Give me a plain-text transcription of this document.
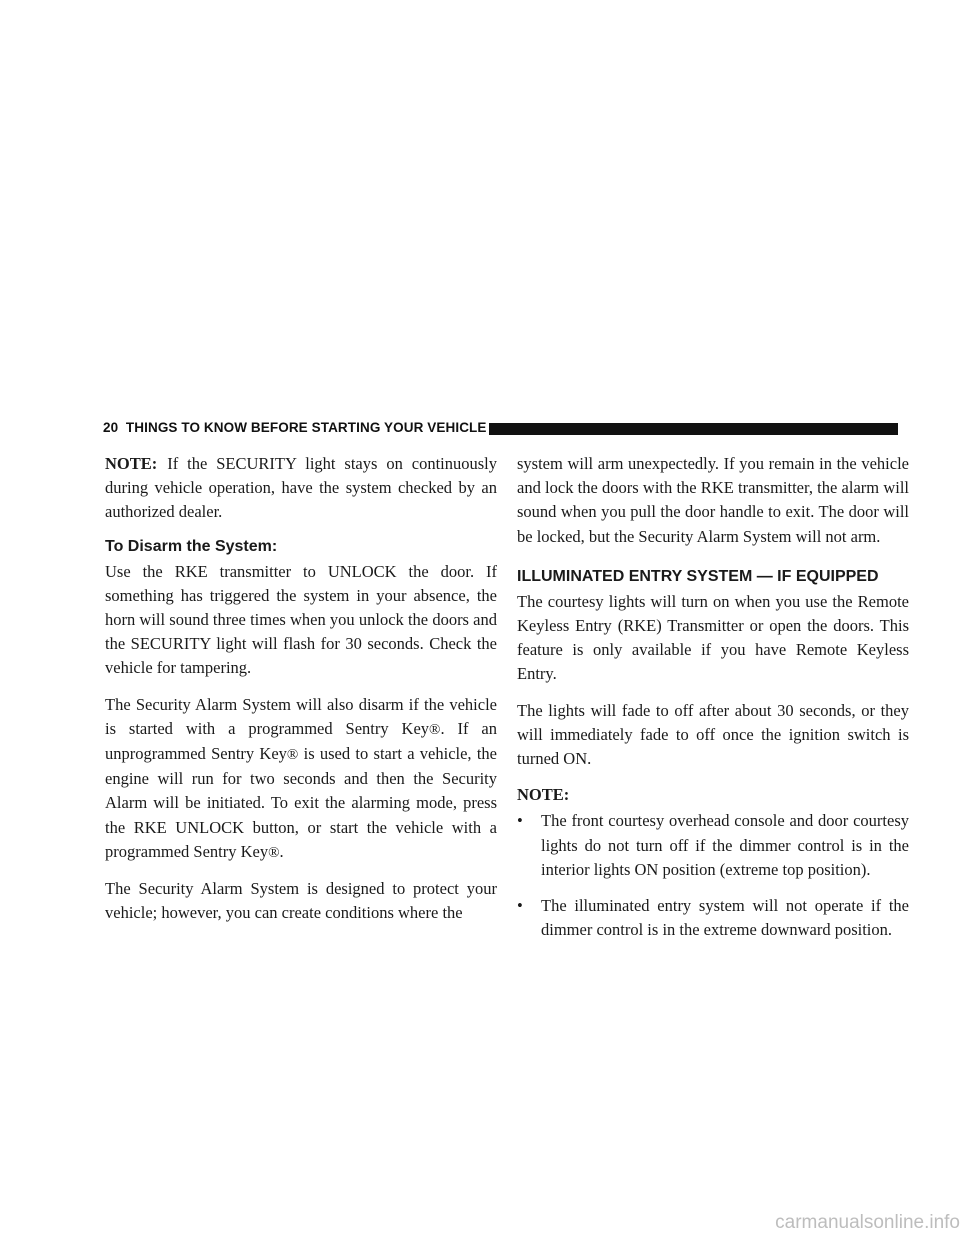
20 THINGS TO KNOW BEFORE STARTING YOUR VEHICLE

NOTE: If the SECURITY light stays on continuously during vehicle operation, have the system checked by an authorized dealer.

To Disarm the System:

Use the RKE transmitter to UNLOCK the door. If something has triggered the system in your absence, the horn will sound three times when you unlock the doors and the SECURITY light will flash for 30 seconds. Check the vehicle for tampering.

The Security Alarm System will also disarm if the vehicle is started with a programmed Sentry Key®. If an unprogrammed Sentry Key® is used to start a vehicle, the engine will run for two seconds and then the Security Alarm will be initiated. To exit the alarming mode, press the RKE UNLOCK button, or start the vehicle with a programmed Sentry Key®.

The Security Alarm System is designed to protect your vehicle; however, you can create conditions where the

system will arm unexpectedly. If you remain in the vehicle and lock the doors with the RKE transmitter, the alarm will sound when you pull the door handle to exit. The door will be locked, but the Security Alarm System will not arm.

ILLUMINATED ENTRY SYSTEM — IF EQUIPPED

The courtesy lights will turn on when you use the Remote Keyless Entry (RKE) Transmitter or open the doors. This feature is only available if you have Remote Keyless Entry.

The lights will fade to off after about 30 seconds, or they will immediately fade to off once the ignition switch is turned ON.

NOTE:
• The front courtesy overhead console and door courtesy lights do not turn off if the dimmer control is in the interior lights ON position (extreme top position).
• The illuminated entry system will not operate if the dimmer control is in the extreme downward position.
carmanualsonline.info
